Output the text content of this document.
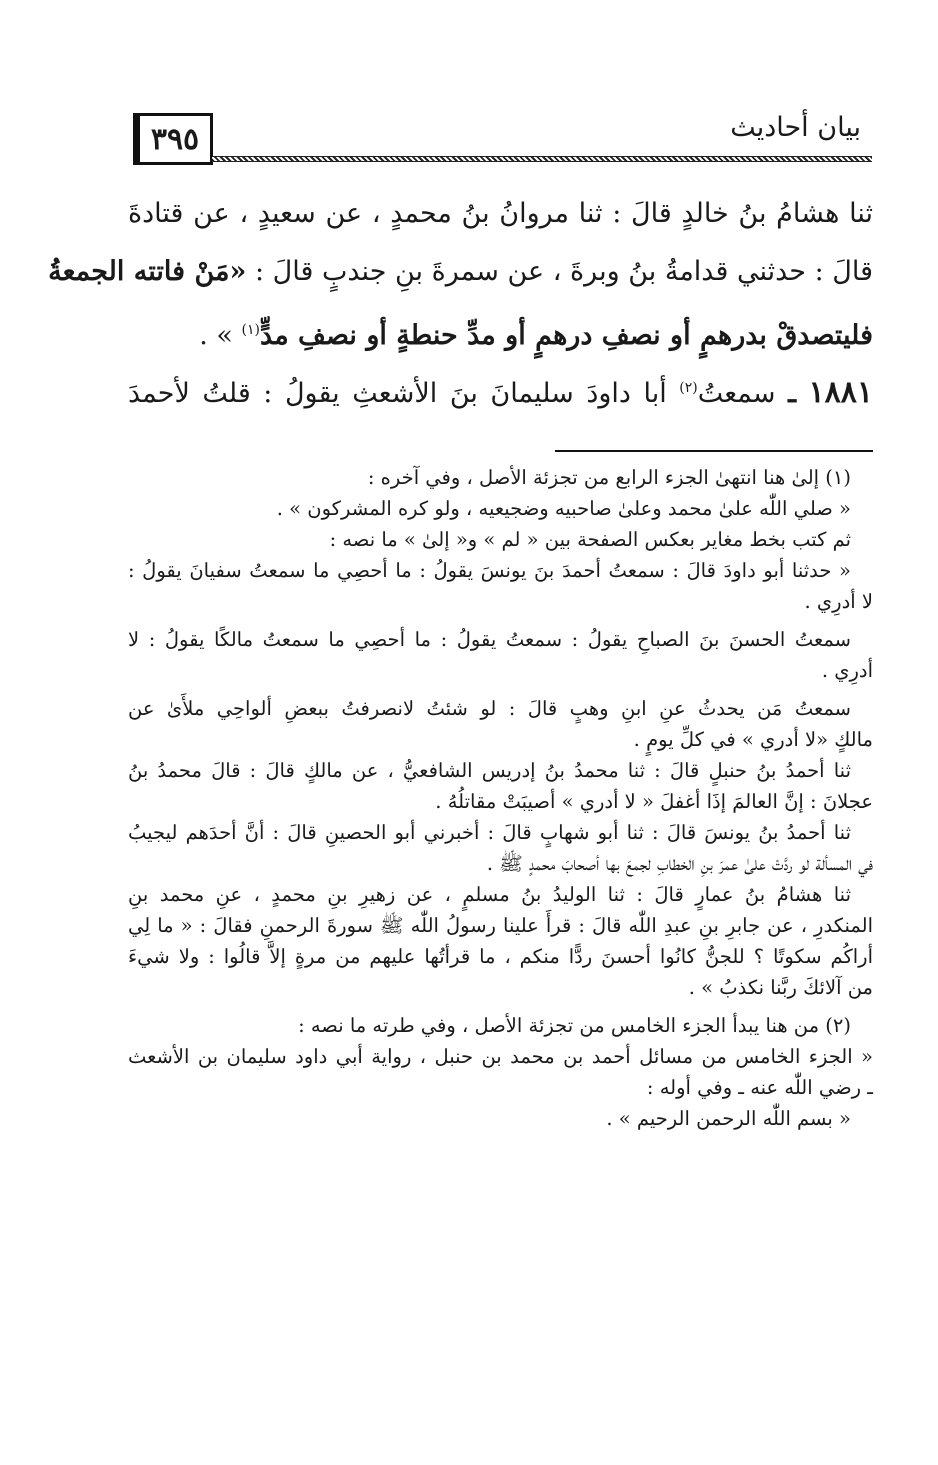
٣٩٥	بيان أحاديث
ثنا هشامُ بنُ خالدٍ قالَ : ثنا مروانُ بنُ محمدٍ ، عن سعيدٍ ، عن قتادةَ
قالَ : حدثني قدامةُ بنُ وبرةَ ، عن سمرةَ بنِ جندبٍ قالَ : «مَنْ فاتته الجمعةُ
فليتصدقْ بدرهمٍ أو نصفِ درهمٍ أو مدِّ حنطةٍ أو نصفِ مدٍّ$^{(١)}$ » .
١٨٨١ ـ سمعتُ$^{(٢)}$ أبا داودَ سليمانَ بنَ الأشعثِ يقولُ : قلتُ لأحمدَ
(١) إلىٰ هنا انتهىٰ الجزء الرابع من تجزئة الأصل ، وفي آخره :
« صلي اللّٰه علىٰ محمد وعلىٰ صاحبيه وضجيعيه ، ولو كره المشركون » .
ثم كتب بخط مغاير بعكس الصفحة بين « لم » و« إلىٰ » ما نصه :
« حدثنا أبو داودَ قالَ : سمعتُ أحمدَ بنَ يونسَ يقولُ : ما أحصِي ما سمعتُ سفيانَ يقولُ :
لا أدرِي .
سمعتُ الحسنَ بنَ الصباحِ يقولُ : سمعتُ يقولُ : ما أحصِي ما سمعتُ مالكًا يقولُ : لا
أدرِي .
سمعتُ مَن يحدثُ عنِ ابنِ وهبٍ قالَ : لو شئتُ لانصرفتُ ببعضِ ألواحِي ملأَىٰ عن
مالكٍ «لا أدري » في كلِّ يومٍ .
ثنا أحمدُ بنُ حنبلٍ قالَ : ثنا محمدُ بنُ إدريس الشافعيُّ ، عن مالكٍ قالَ : قالَ محمدُ بنُ
عجلانَ : إنَّ العالمَ إذَا أغفلَ « لا أدري » أصيبَتْ مقاتلُهُ .
ثنا أحمدُ بنُ يونسَ قالَ : ثنا أبو شهابٍ قالَ : أخبرني أبو الحصينِ قالَ : أنَّ أحدَهم ليجيبُ
في المسألة لو ردَّتْ علىٰ عمرَ بنِ الخطابِ لجمعَ بها أصحابَ محمدٍ ﷺ .
ثنا هشامُ بنُ عمارٍ قالَ : ثنا الوليدُ بنُ مسلمٍ ، عن زهيرِ بنِ محمدٍ ، عنِ محمد بنِ
المنكدرِ ، عن جابرِ بنِ عبدِ اللّٰه قالَ : قرأَ علينا رسولُ اللّٰه ﷺ سورةَ الرحمنِ فقالَ : « ما لِي
أراكُم سكوتًا ؟ للجنُّ كانُوا أحسنَ ردًّا منكم ، ما قرأتُها عليهم من مرةٍ إلاَّ قالُوا : ولا شيءَ
من آلائكَ ربَّنا نكذبُ » .
(٢) من هنا يبدأ الجزء الخامس من تجزئة الأصل ، وفي طرته ما نصه :
« الجزء الخامس من مسائل أحمد بن محمد بن حنبل ، رواية أبي داود سليمان بن الأشعث
ـ رضي اللّٰه عنه ـ وفي أوله :
« بسم اللّٰه الرحمن الرحيم » .
